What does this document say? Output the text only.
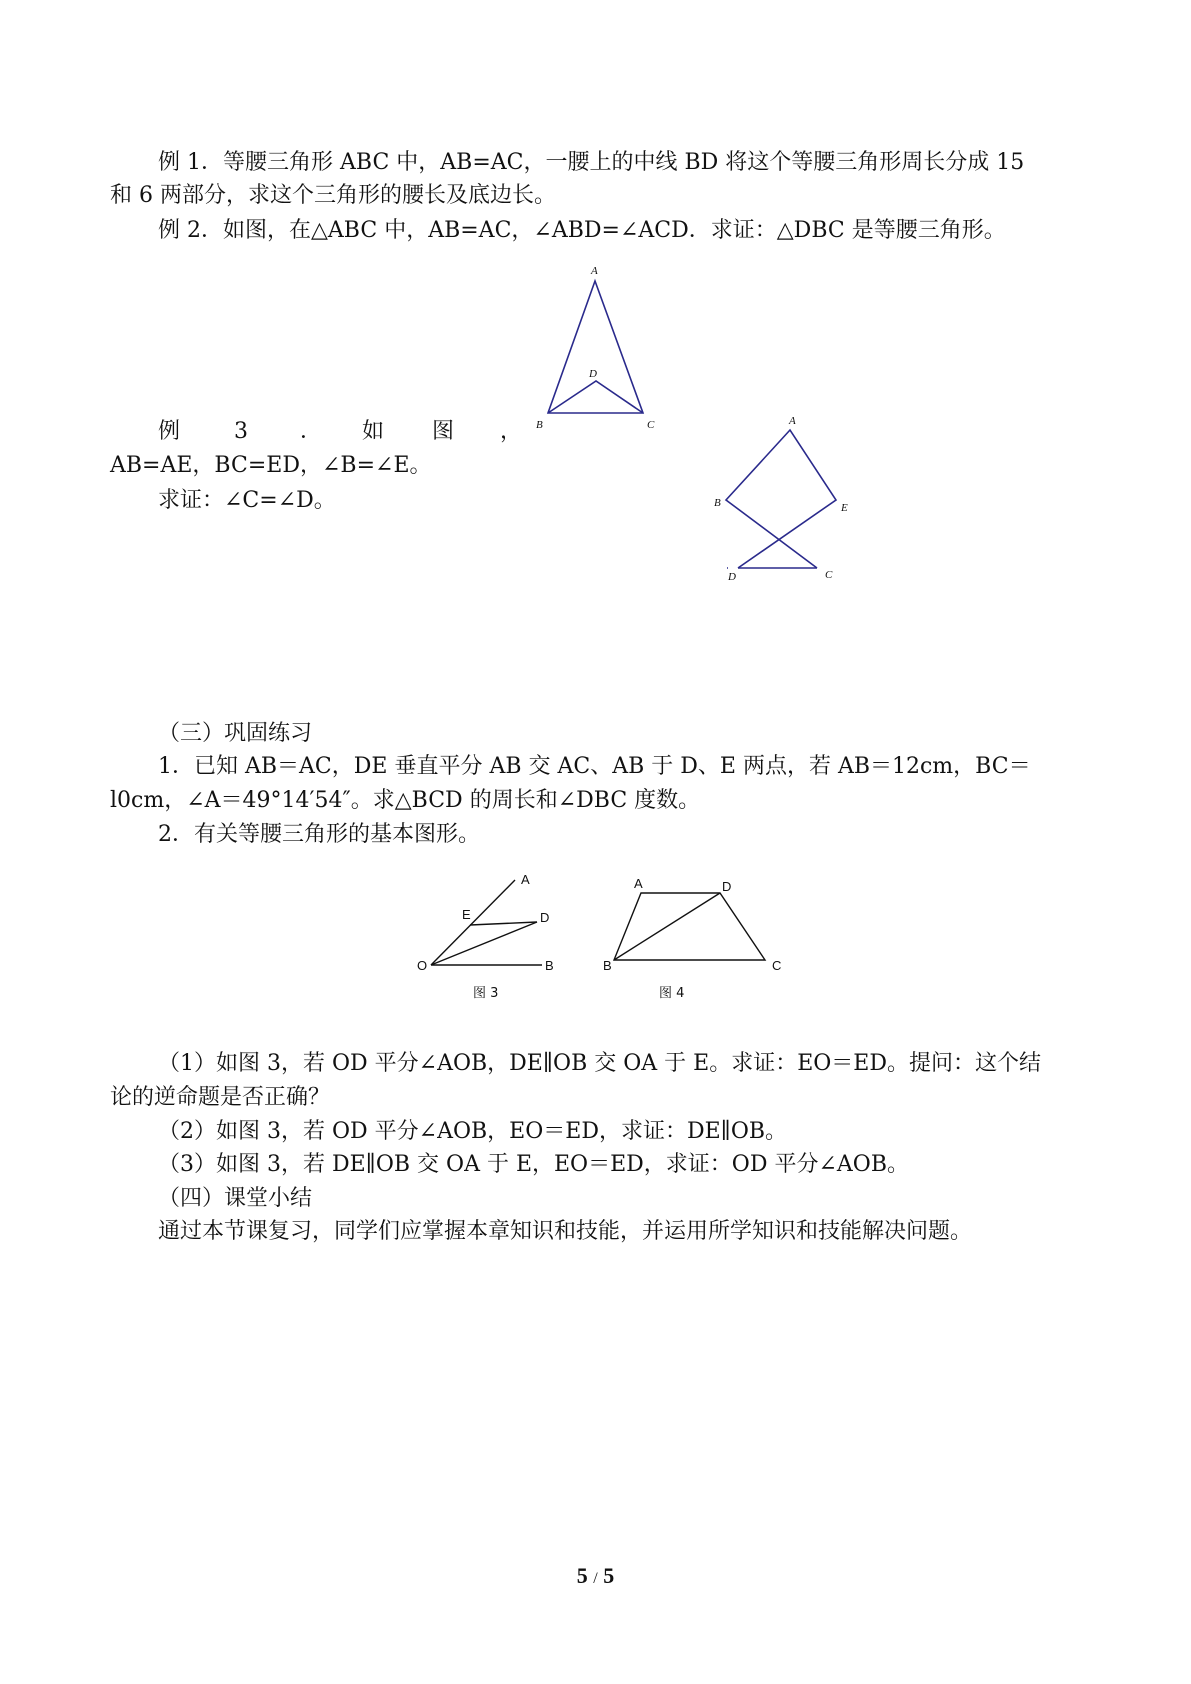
例 1．等腰三角形 ABC 中，AB=AC，一腰上的中线 BD 将这个等腰三角形周长分成 15
和 6 两部分，求这个三角形的腰长及底边长。
例 2．如图，在△ABC 中，AB=AC，∠ABD=∠ACD．求证：△DBC 是等腰三角形。
A
D
B	C
例 3 ． 如 图 ，
AB=AE，BC=ED，∠B=∠E。
求证：∠C=∠D。
A
B	E
D	C
（三）巩固练习
1．已知 AB＝AC，DE 垂直平分 AB 交 AC、AB 于 D、E 两点，若 AB＝12cm，BC＝
l0cm，∠A＝49°14′54″。求△BCD 的周长和∠DBC 度数。
2．有关等腰三角形的基本图形。
A
E	D
O	B
图 3
A	D
B	C
图 4
（1）如图 3，若 OD 平分∠AOB，DE∥OB 交 OA 于 E。求证：EO＝ED。提问：这个结
论的逆命题是否正确？
（2）如图 3，若 OD 平分∠AOB，EO＝ED，求证：DE∥OB。
（3）如图 3，若 DE∥OB 交 OA 于 E，EO＝ED，求证：OD 平分∠AOB。
（四）课堂小结
通过本节课复习，同学们应掌握本章知识和技能，并运用所学知识和技能解决问题。
5 / 5
